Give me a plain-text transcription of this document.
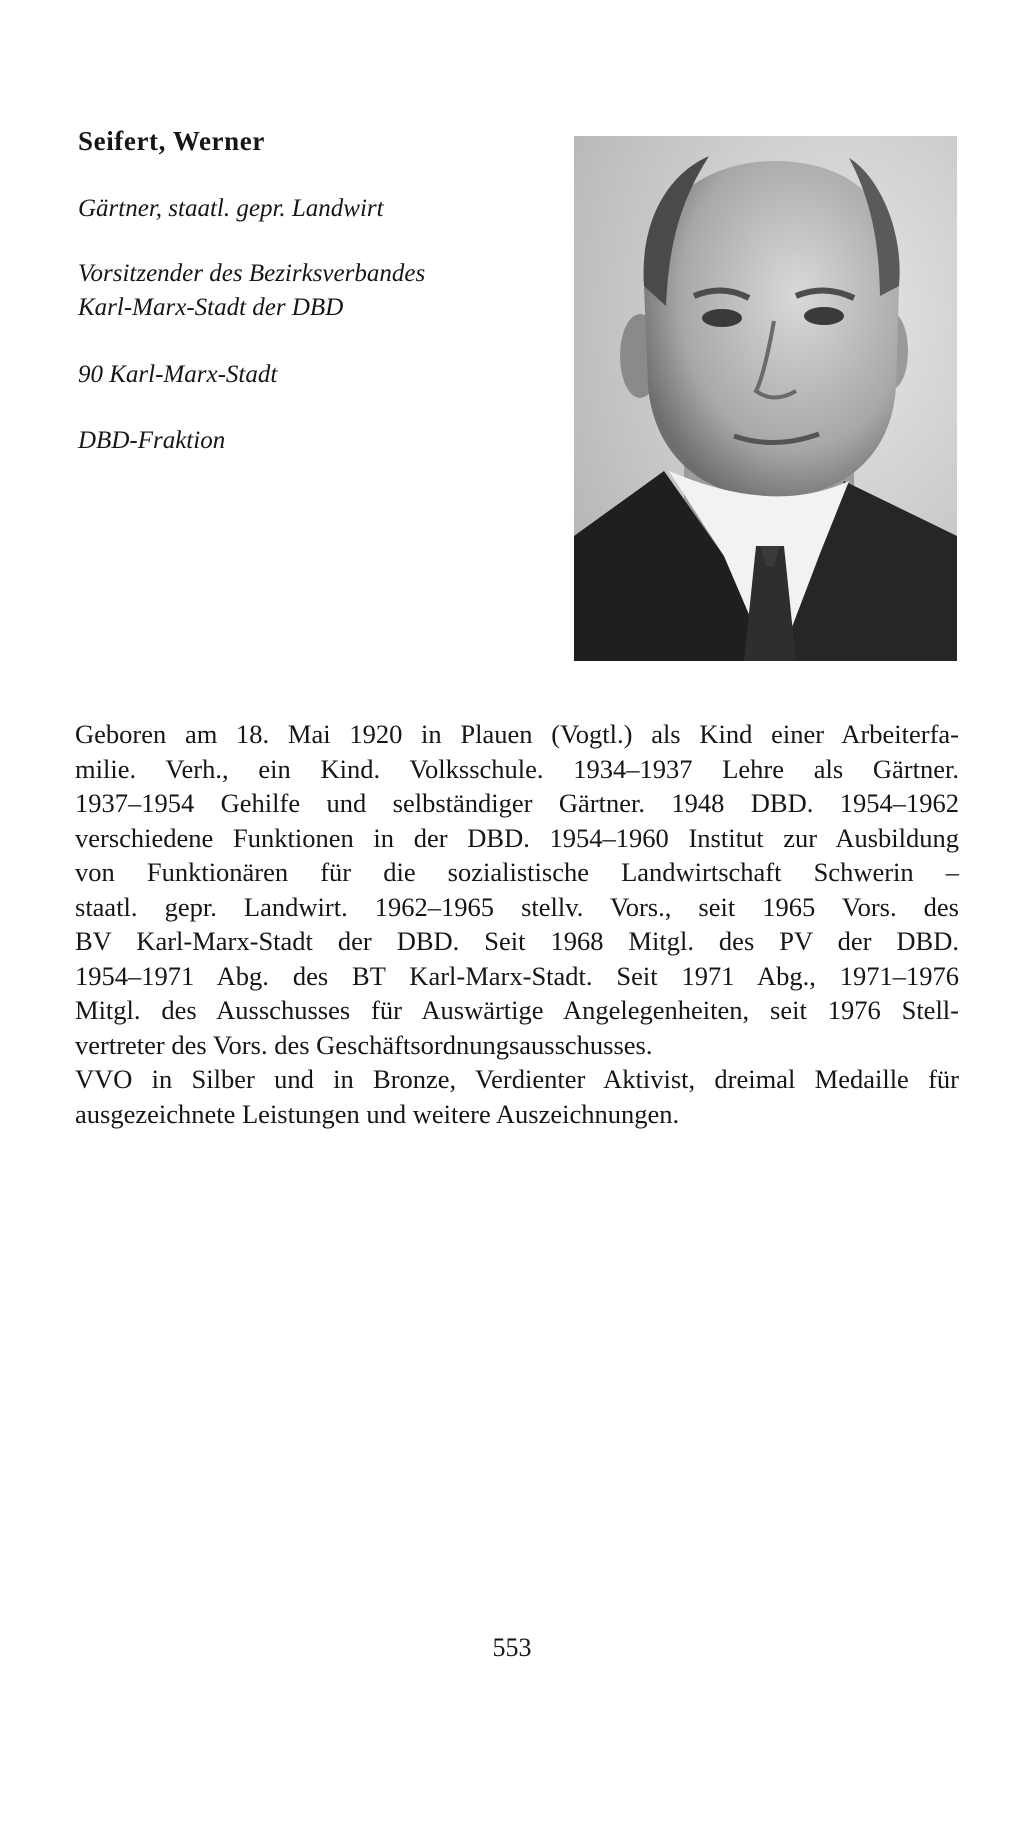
Seifert, Werner

Gärtner, staatl. gepr. Landwirt

Vorsitzender des Bezirksverbandes
Karl-Marx-Stadt der DBD

90 Karl-Marx-Stadt

DBD-Fraktion

Geboren am 18. Mai 1920 in Plauen (Vogtl.) als Kind einer Arbeiterfa-
milie. Verh., ein Kind. Volksschule. 1934–1937 Lehre als Gärtner.
1937–1954 Gehilfe und selbständiger Gärtner. 1948 DBD. 1954–1962
verschiedene Funktionen in der DBD. 1954–1960 Institut zur Ausbildung
von Funktionären für die sozialistische Landwirtschaft Schwerin –
staatl. gepr. Landwirt. 1962–1965 stellv. Vors., seit 1965 Vors. des
BV Karl-Marx-Stadt der DBD. Seit 1968 Mitgl. des PV der DBD.
1954–1971 Abg. des BT Karl-Marx-Stadt. Seit 1971 Abg., 1971–1976
Mitgl. des Ausschusses für Auswärtige Angelegenheiten, seit 1976 Stell-
vertreter des Vors. des Geschäftsordnungsausschusses.
VVO in Silber und in Bronze, Verdienter Aktivist, dreimal Medaille für
ausgezeichnete Leistungen und weitere Auszeichnungen.

553
